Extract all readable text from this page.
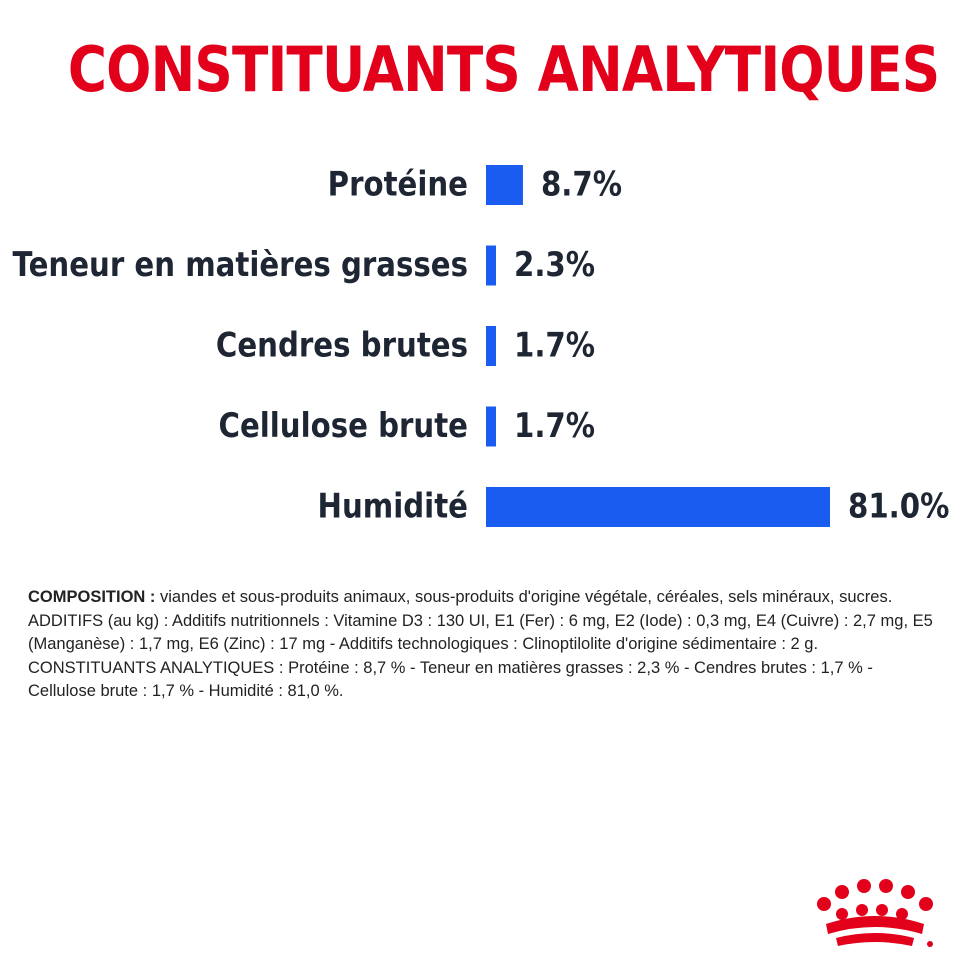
CONSTITUANTS ANALYTIQUES
Protéine 8.7%
Teneur en matières grasses 2.3%
Cendres brutes 1.7%
Cellulose brute 1.7%
Humidité	81.0%

COMPOSITION : viandes et sous-produits animaux, sous-produits d'origine végétale, céréales, sels minéraux, sucres.

ADDITIFS (au kg) : Additifs nutritionnels : Vitamine D3 : 130 UI, E1 (Fer) : 6 mg, E2 (Iode) : 0,3 mg, E4 (Cuivre) : 2,7 mg, E5 (Manganèse) : 1,7 mg, E6 (Zinc) : 17 mg - Additifs technologiques : Clinoptilolite d'origine sédimentaire : 2 g.

CONSTITUANTS ANALYTIQUES : Protéine : 8,7 % - Teneur en matières grasses : 2,3 % - Cendres brutes : 1,7 % - Cellulose brute : 1,7 % - Humidité : 81,0 %.
